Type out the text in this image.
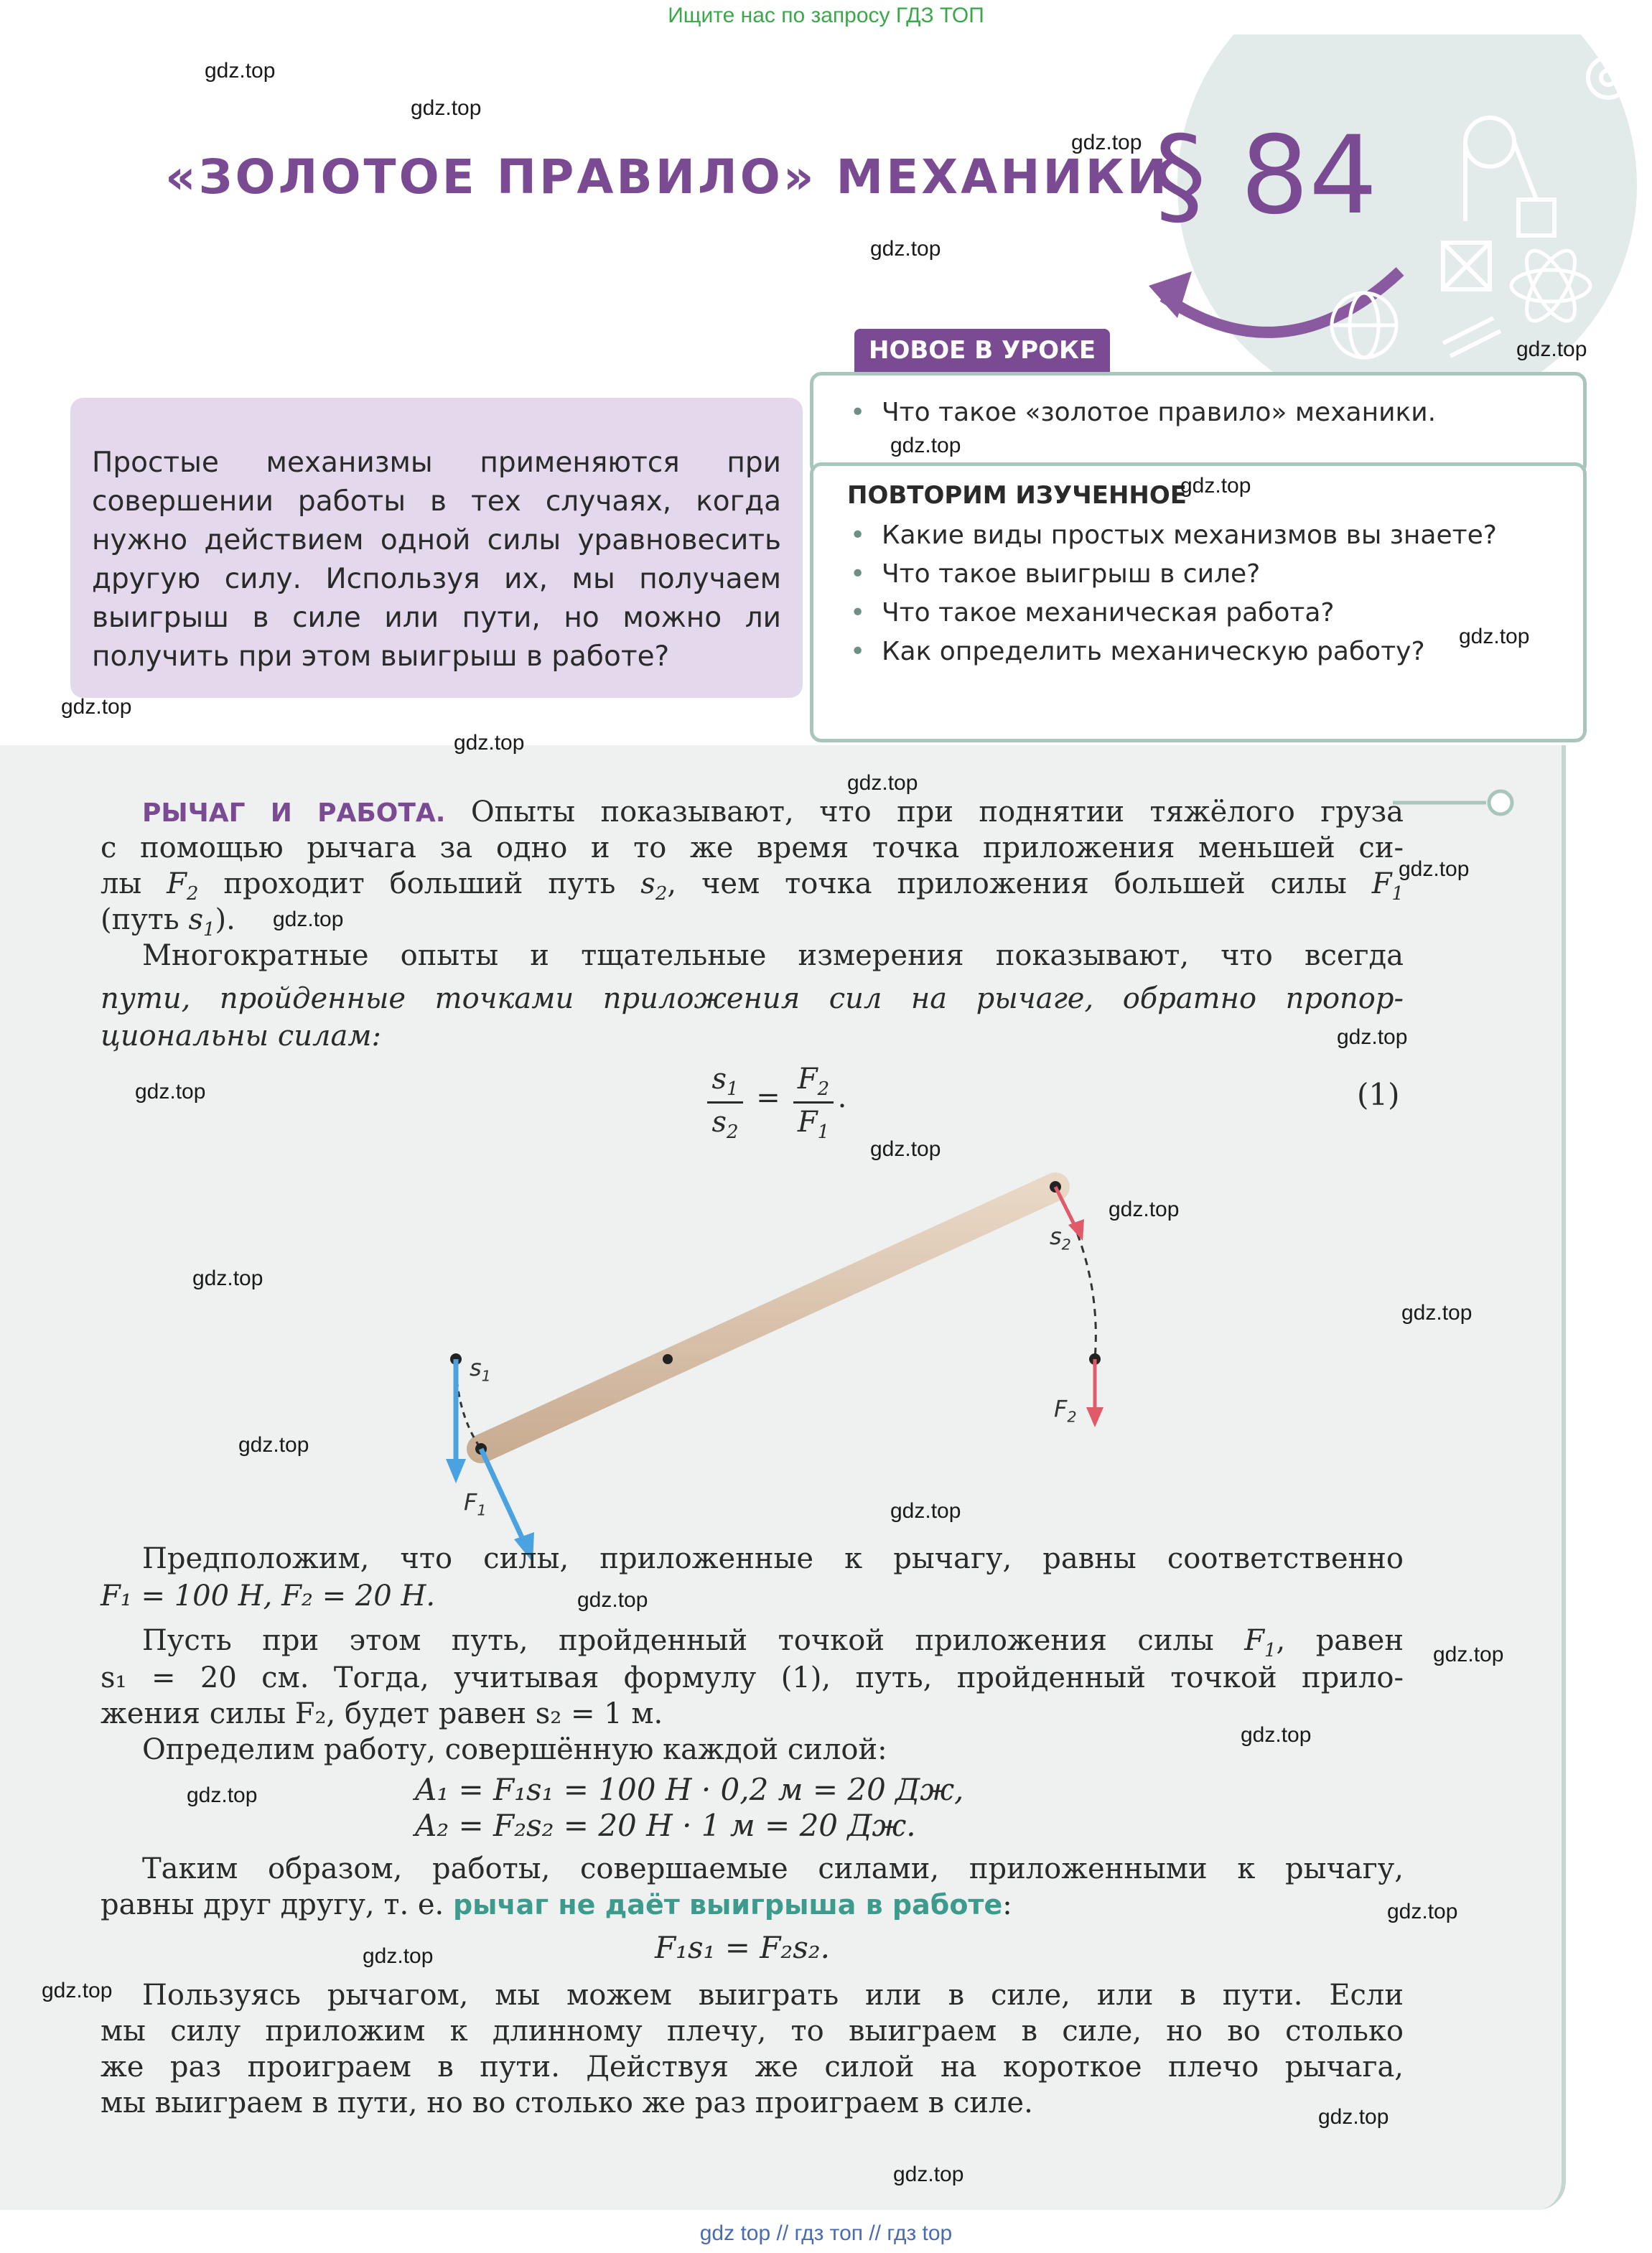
Ищите нас по запросу ГДЗ ТОП
«ЗОЛОТОЕ ПРАВИЛО» МЕХАНИКИ
§ 84
Простые механизмы применяются при совершении работы в тех случаях, когда нужно действием одной силы уравновесить другую силу. Используя их, мы получаем выигрыш в силе или пути, но можно ли получить при этом выигрыш в работе?
НОВОЕ В УРОКЕ
• Что такое «золотое правило» механики.
ПОВТОРИМ ИЗУЧЕННОЕ
• Какие виды простых механизмов вы знаете?
• Что такое выигрыш в силе?
• Что такое механическая работа?
• Как определить механическую работу?
РЫЧАГ И РАБОТА. Опыты показывают, что при поднятии тяжёлого груза
с помощью рычага за одно и то же время точка приложения меньшей си-
лы $F_2$ проходит больший путь $s_2$, чем точка приложения большей силы $F_1$
(путь $s_1$).
Многократные опыты и тщательные измерения показывают, что всегда
пути, пройденные точками приложения сил на рычаге, обратно пропор-
циональны силам:
$s_1$
$s_2$
=
$F_2$
$F_1$
.	(1)
$s_2$
$s_1$
$F_2$
$F_1$
Предположим, что силы, приложенные к рычагу, равны соответственно
F₁ = 100 Н, F₂ = 20 Н.
Пусть при этом путь, пройденный точкой приложения силы $F_1$, равен
s₁ = 20 см. Тогда, учитывая формулу (1), путь, пройденный точкой прило-
жения силы F₂, будет равен s₂ = 1 м.
Определим работу, совершённую каждой силой:
A₁ = F₁s₁ = 100 Н · 0,2 м = 20 Дж,
A₂ = F₂s₂ = 20 Н · 1 м = 20 Дж.
Таким образом, работы, совершаемые силами, приложенными к рычагу,
равны друг другу, т. е. рычаг не даёт выигрыша в работе:
F₁s₁ = F₂s₂.
Пользуясь рычагом, мы можем выиграть или в силе, или в пути. Если
мы силу приложим к длинному плечу, то выиграем в силе, но во столько
же раз проиграем в пути. Действуя же силой на короткое плечо рычага,
мы выиграем в пути, но во столько же раз проиграем в силе.
gdz.top
gdz.top
gdz.top
gdz.top
gdz.top
gdz.top
gdz.top
gdz.top
gdz.top
gdz.top
gdz.top
gdz.top
gdz.top
gdz.top
gdz.top
gdz.top
gdz.top
gdz.top
gdz.top
gdz.top
gdz.top
gdz.top
gdz.top
gdz.top
gdz.top
gdz.top
gdz.top
gdz.top
gdz.top
gdz.top
gdz top // гдз топ // гдз top
